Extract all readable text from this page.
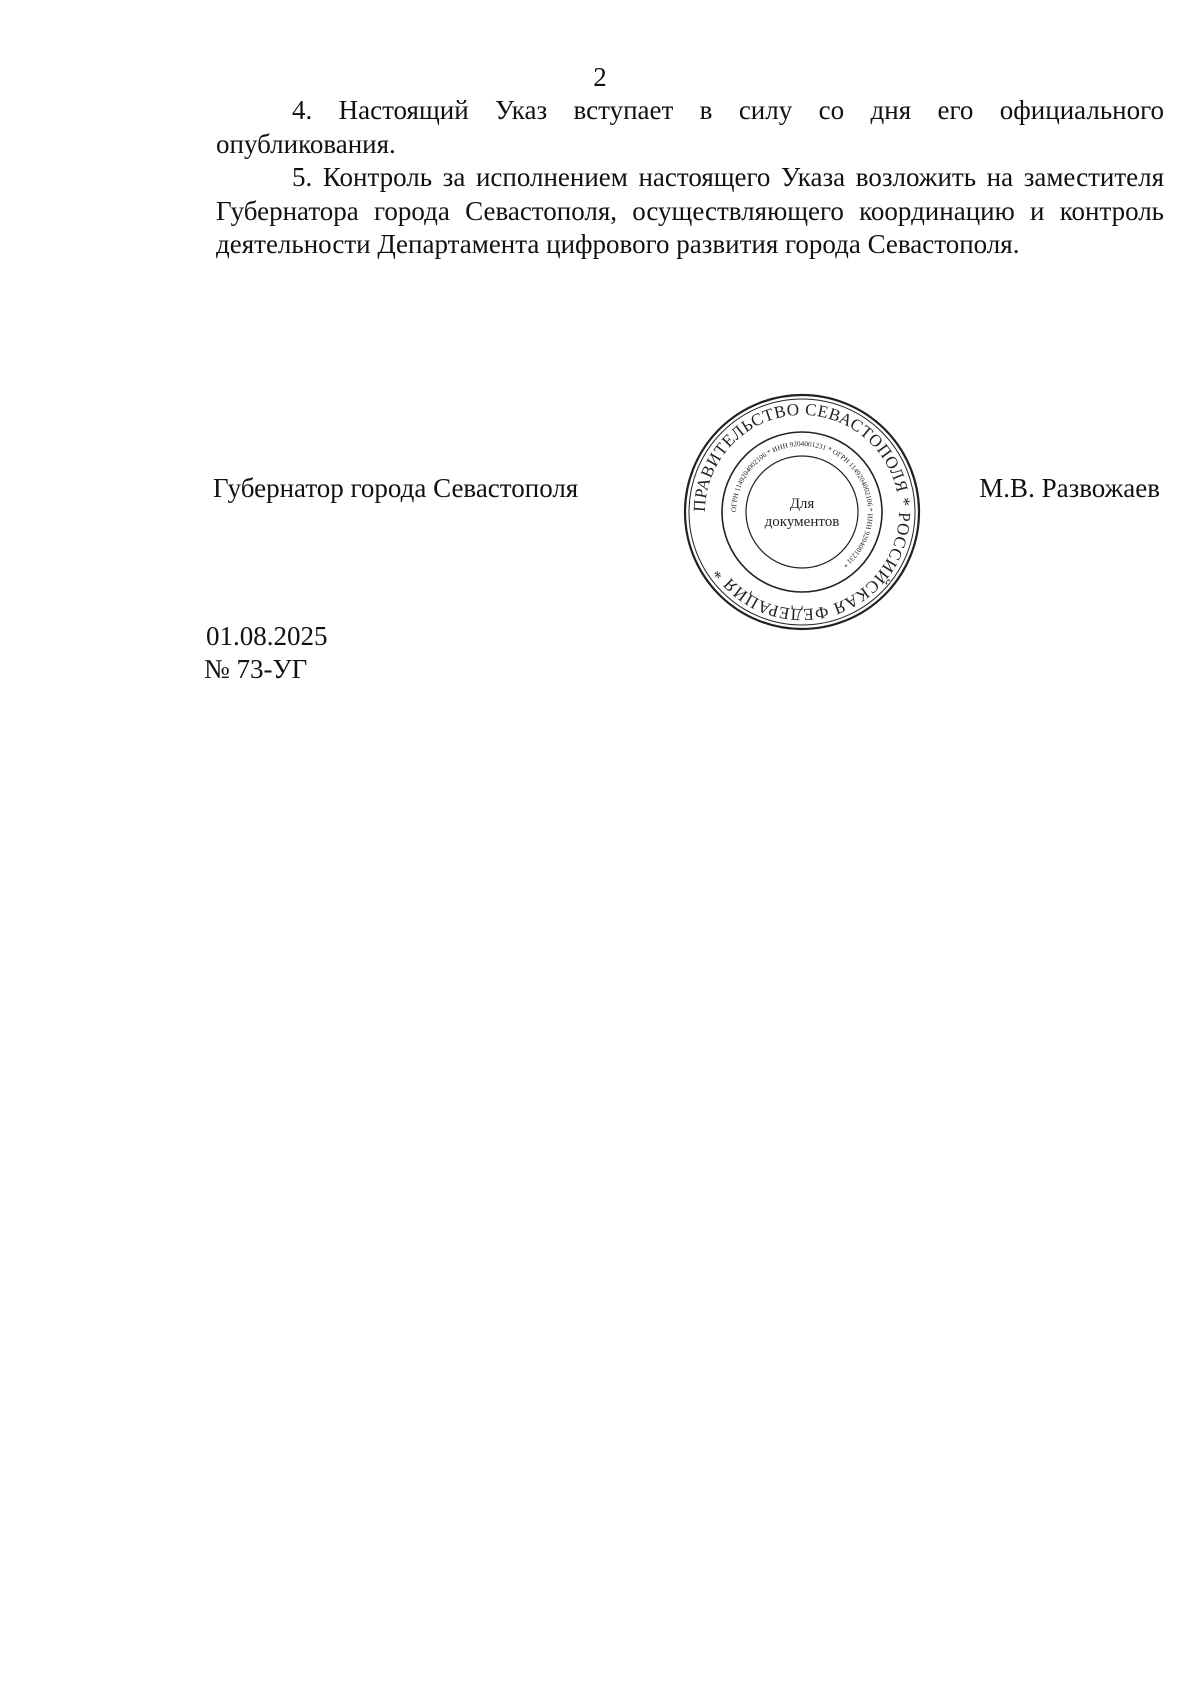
2

4. Настоящий Указ вступает в силу со дня его официального опубликования.

5. Контроль за исполнением настоящего Указа возложить на заместителя Губернатора города Севастополя, осуществляющего координацию и контроль деятельности Департамента цифрового развития города Севастополя.

Губернатор города Севастополя	М.В. Развожаев
ПРАВИТЕЛЬСТВО СЕВАСТОПОЛЯ * РОССИЙСКАЯ ФЕДЕРАЦИЯ *
ОГРН 1149204002106 * ИНН 9204001231 * ОГРН 1149204002106 * ИНН 9204001231 *
Для
документов
01.08.2025
№ 73-УГ
